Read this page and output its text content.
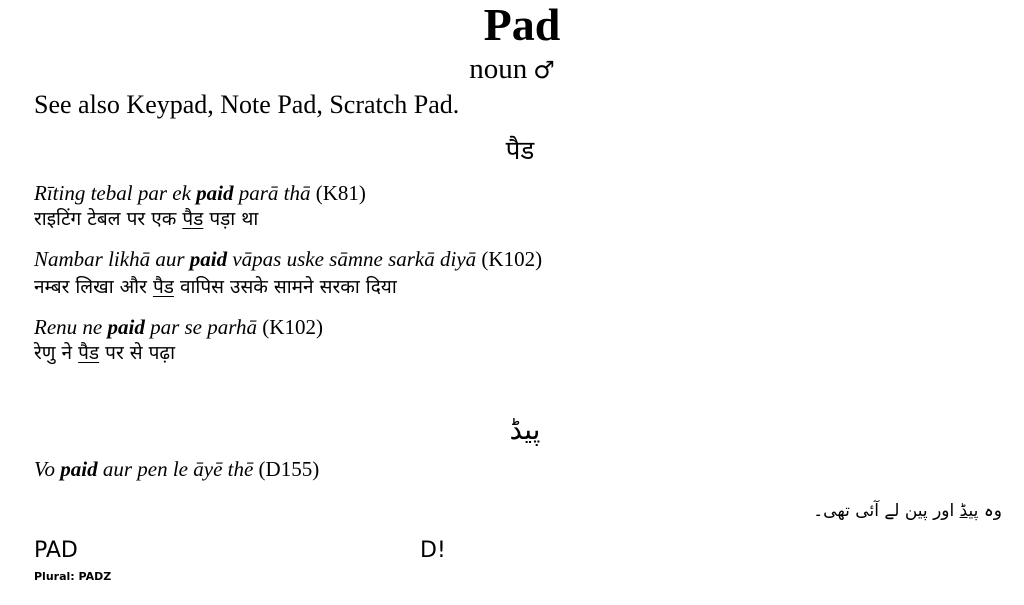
Pad
noun ♂
See also Keypad, Note Pad, Scratch Pad.
पैड
Rīting tebal par ek paid parā thā (K81)
राइटिंग टेबल पर एक पैड पड़ा था
Nambar likhā aur paid vāpas uske sāmne sarkā diyā (K102)
नम्बर लिखा और पैड वापिस उसके सामने सरका दिया
Renu ne paid par se parhā (K102)
रेणु ने पैड पर से पढ़ा
پیڈ
Vo paid aur pen le āyē thē (D155)
وہ پیڈ اور پین لے آئی تھی۔
PAD
Plural: PADZ
D!
